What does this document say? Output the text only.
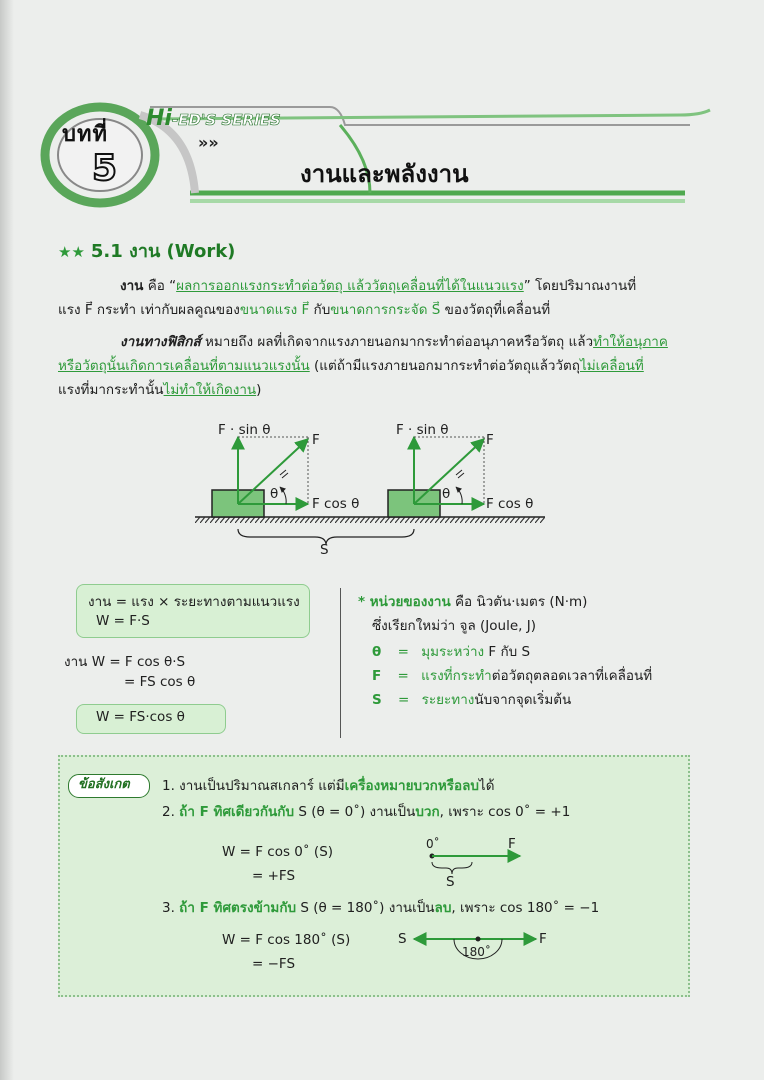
บทที่
5
Hi-ED'S SERIES
»»
งานและพลังงาน
★★ 5.1 งาน (Work)
งาน คือ “ผลการออกแรงกระทำต่อวัตถุ แล้ววัตถุเคลื่อนที่ได้ในแนวแรง” โดยปริมาณงานที่
แรง F⃗ กระทำ เท่ากับผลคูณของขนาดแรง F⃗ กับขนาดการกระจัด S⃗ ของวัตถุที่เคลื่อนที่
งานทางฟิสิกส์ หมายถึง ผลที่เกิดจากแรงภายนอกมากระทำต่ออนุภาคหรือวัตถุ แล้วทำให้อนุภาค
หรือวัตถุนั้นเกิดการเคลื่อนที่ตามแนวแรงนั้น (แต่ถ้ามีแรงภายนอกมากระทำต่อวัตถุแล้ววัตถุไม่เคลื่อนที่
แรงที่มากระทำนั้นไม่ทำให้เกิดงาน)
F · sin θ
F
θ
F cos θ
F · sin θ
F
θ
F cos θ
S
งาน = แรง × ระยะทางตามแนวแรง
W = F·S
งาน W = F cos θ·S
= FS cos θ
W = FS·cos θ
* หน่วยของงาน คือ นิวตัน·เมตร (N·m)
ซึ่งเรียกใหม่ว่า จูล (Joule, J)
θ = มุมระหว่าง F กับ S
F = แรงที่กระทำต่อวัตถุตลอดเวลาที่เคลื่อนที่
S = ระยะทางนับจากจุดเริ่มต้น
ข้อสังเกต 1. งานเป็นปริมาณสเกลาร์ แต่มีเครื่องหมายบวกหรือลบได้
2. ถ้า F ทิศเดียวกันกับ S (θ = 0˚) งานเป็นบวก, เพราะ cos 0˚ = +1
W = F cos 0˚ (S)
= +FS
0˚	F
S
3. ถ้า F ทิศตรงข้ามกับ S (θ = 180˚) งานเป็นลบ, เพราะ cos 180˚ = −1
W = F cos 180˚ (S)
= −FS
S	F
180˚
